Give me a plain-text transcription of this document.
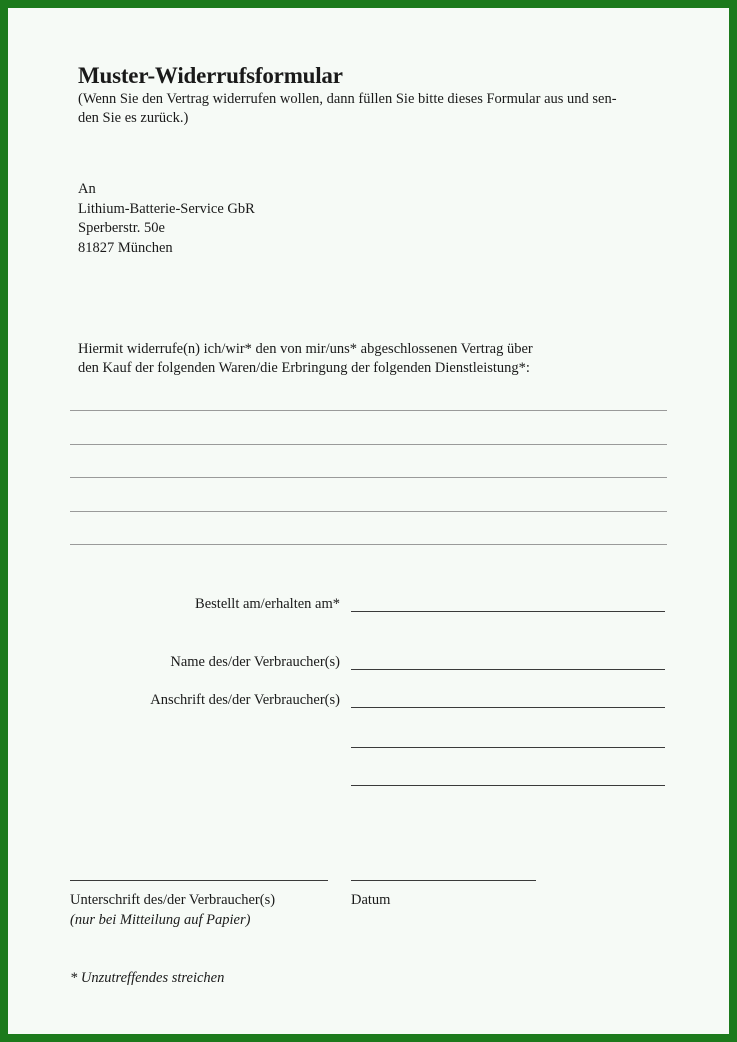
Muster-Widerrufsformular
(Wenn Sie den Vertrag widerrufen wollen, dann füllen Sie bitte dieses Formular aus und sen-
den Sie es zurück.)
An
Lithium-Batterie-Service GbR
Sperberstr. 50e
81827 München
Hiermit widerrufe(n) ich/wir* den von mir/uns* abgeschlossenen Vertrag über
den Kauf der folgenden Waren/die Erbringung der folgenden Dienstleistung*:
Bestellt am/erhalten am*
Name des/der Verbraucher(s)
Anschrift des/der Verbraucher(s)
Unterschrift des/der Verbraucher(s)
(nur bei Mitteilung auf Papier)
Datum
* Unzutreffendes streichen
